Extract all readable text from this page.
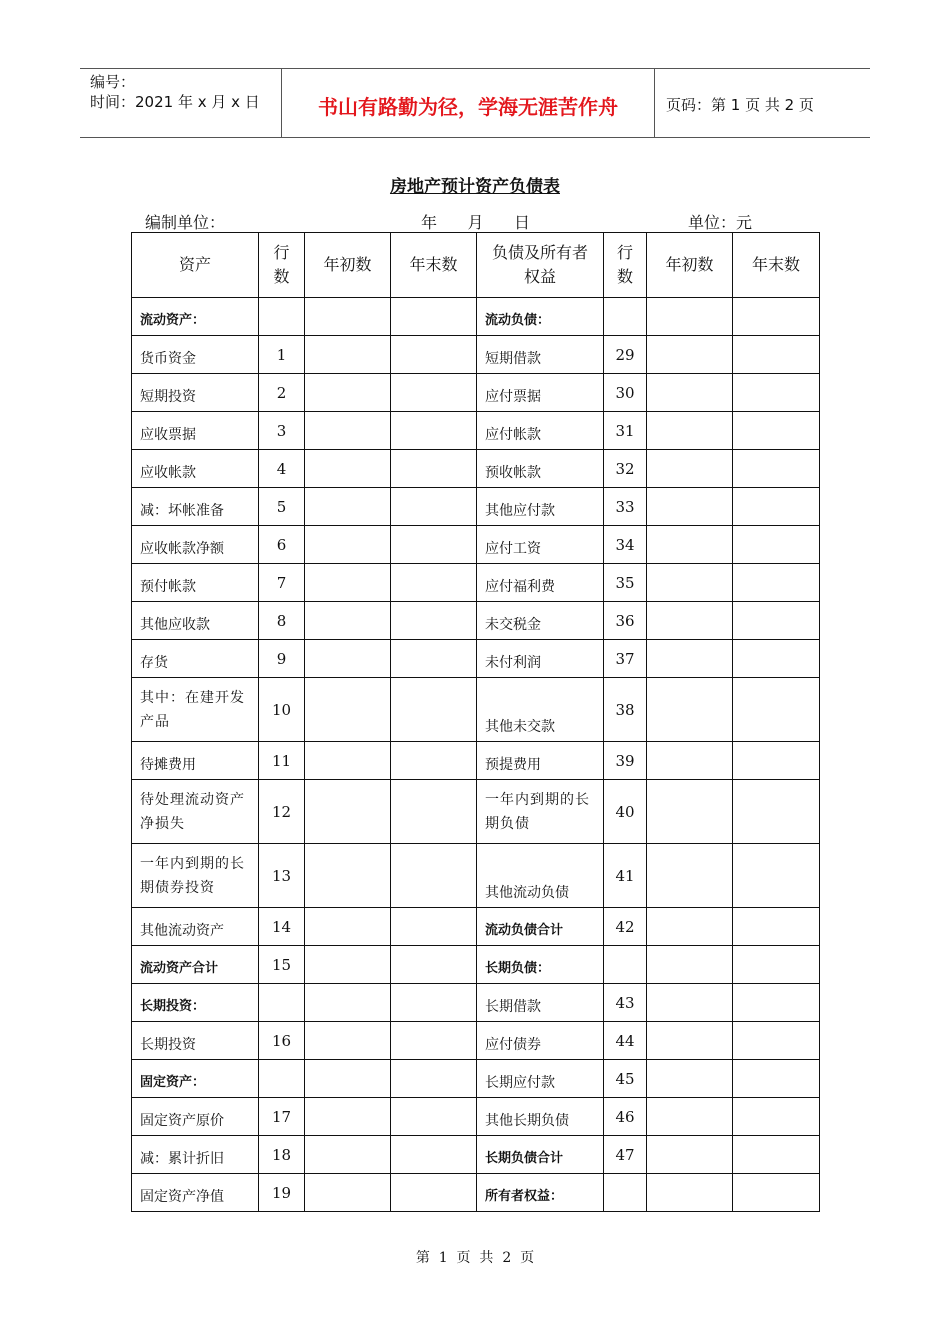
编号：
时间：2021 年 x 月 x 日	书山有路勤为径，学海无涯苦作舟	页码：第 1 页 共 2 页
房地产预计资产负债表
编制单位：	年      月      日	单位：元
资产	行数	年初数	年末数	负债及所有者权益	行数	年初数	年末数
流动资产：				流动负债：			
货币资金	1			短期借款	29		
短期投资	2			应付票据	30		
应收票据	3			应付帐款	31		
应收帐款	4			预收帐款	32		
减：坏帐准备	5			其他应付款	33		
应收帐款净额	6			应付工资	34		
预付帐款	7			应付福利费	35		
其他应收款	8			未交税金	36		
存货	9			未付利润	37		
其中：在建开发产品	10			其他未交款	38		
待摊费用	11			预提费用	39		
待处理流动资产净损失	12			一年内到期的长期负债	40		
一年内到期的长期债券投资	13			其他流动负债	41		
其他流动资产	14			流动负债合计	42		
流动资产合计	15			长期负债：			
长期投资：				长期借款	43		
长期投资	16			应付债券	44		
固定资产：				长期应付款	45		
固定资产原价	17			其他长期负债	46		
减：累计折旧	18			长期负债合计	47		
固定资产净值	19			所有者权益：			
第  1  页  共  2  页
